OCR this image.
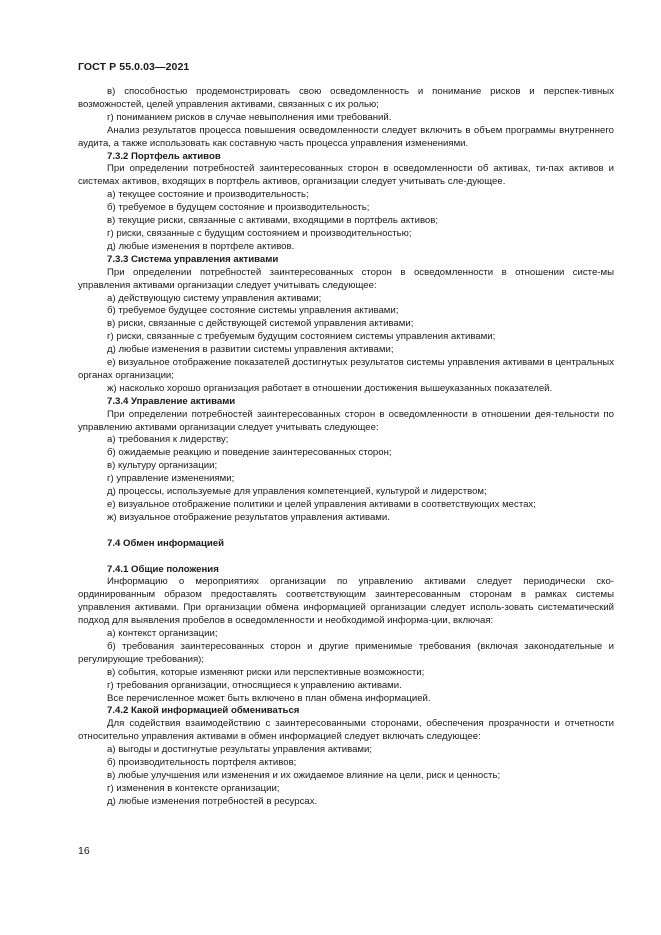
ГОСТ Р 55.0.03—2021

в) способностью продемонстрировать свою осведомленность и понимание рисков и перспек-тивных возможностей, целей управления активами, связанных с их ролью;

г) пониманием рисков в случае невыполнения ими требований.

Анализ результатов процесса повышения осведомленности следует включить в объем программы внутреннего аудита, а также использовать как составную часть процесса управления изменениями.

7.3.2 Портфель активов

При определении потребностей заинтересованных сторон в осведомленности об активах, ти-пах активов и системах активов, входящих в портфель активов, организации следует учитывать сле-дующее.

а) текущее состояние и производительность;

б) требуемое в будущем состояние и производительность;

в) текущие риски, связанные с активами, входящими в портфель активов;

г) риски, связанные с будущим состоянием и производительностью;

д) любые изменения в портфеле активов.

7.3.3 Система управления активами

При определении потребностей заинтересованных сторон в осведомленности в отношении систе-мы управления активами организации следует учитывать следующее:

а) действующую систему управления активами;

б) требуемое будущее состояние системы управления активами;

в) риски, связанные с действующей системой управления активами;

г) риски, связанные с требуемым будущим состоянием системы управления активами;

д) любые изменения в развитии системы управления активами;

е) визуальное отображение показателей достигнутых результатов системы управления активами в центральных органах организации;

ж) насколько хорошо организация работает в отношении достижения вышеуказанных показателей.

7.3.4 Управление активами

При определении потребностей заинтересованных сторон в осведомленности в отношении дея-тельности по управлению активами организации следует учитывать следующее:

а) требования к лидерству;

б) ожидаемые реакцию и поведение заинтересованных сторон;

в) культуру организации;

г) управление изменениями;

д) процессы, используемые для управления компетенцией, культурой и лидерством;

е) визуальное отображение политики и целей управления активами в соответствующих местах;

ж) визуальное отображение результатов управления активами.

7.4 Обмен информацией

7.4.1 Общие положения

Информацию о мероприятиях организации по управлению активами следует периодически ско-ординированным образом предоставлять соответствующим заинтересованным сторонам в рамках системы управления активами. При организации обмена информацией организации следует исполь-зовать систематический подход для выявления пробелов в осведомленности и необходимой информа-ции, включая:

а) контекст организации;

б) требования заинтересованных сторон и другие применимые требования (включая законодательные и регулирующие требования);

в) события, которые изменяют риски или перспективные возможности;

г) требования организации, относящиеся к управлению активами.

Все перечисленное может быть включено в план обмена информацией.

7.4.2 Какой информацией обмениваться

Для содействия взаимодействию с заинтересованными сторонами, обеспечения прозрачности и отчетности относительно управления активами в обмен информацией следует включать следующее:

а) выгоды и достигнутые результаты управления активами;

б) производительность портфеля активов;

в) любые улучшения или изменения и их ожидаемое влияние на цели, риск и ценность;

г) изменения в контексте организации;

д) любые изменения потребностей в ресурсах.

16
